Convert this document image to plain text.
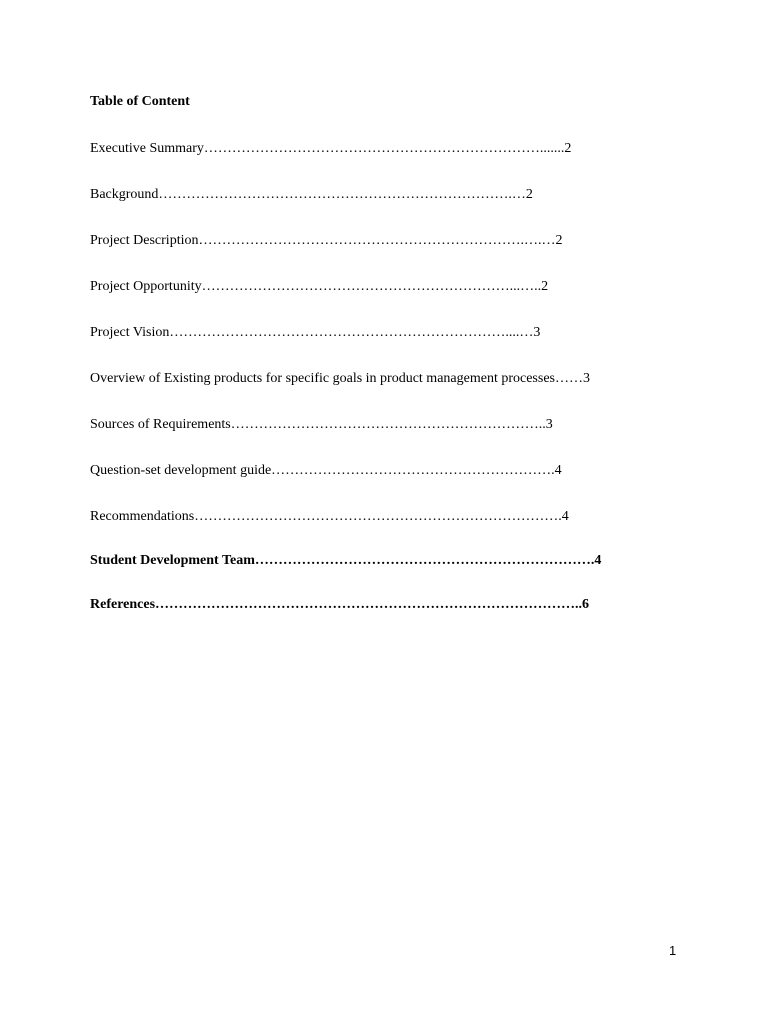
Table of Content
Executive Summary……………………………………………………………….......2
Background………………………………………………………………….…2
Project Description…………………………………………………………….….…2
Project Opportunity…………………………………………………………...…..2
Project Vision………………………………………………………………....…3
Overview of Existing products for specific goals in product management processes……3
Sources of Requirements…………………………………………………………..3
Question-set development guide…………………………………………………….4
Recommendations…………………………………………………………………….4
Student Development Team……………………………………………………………….4
References………………………………………………………………………………..6
1
